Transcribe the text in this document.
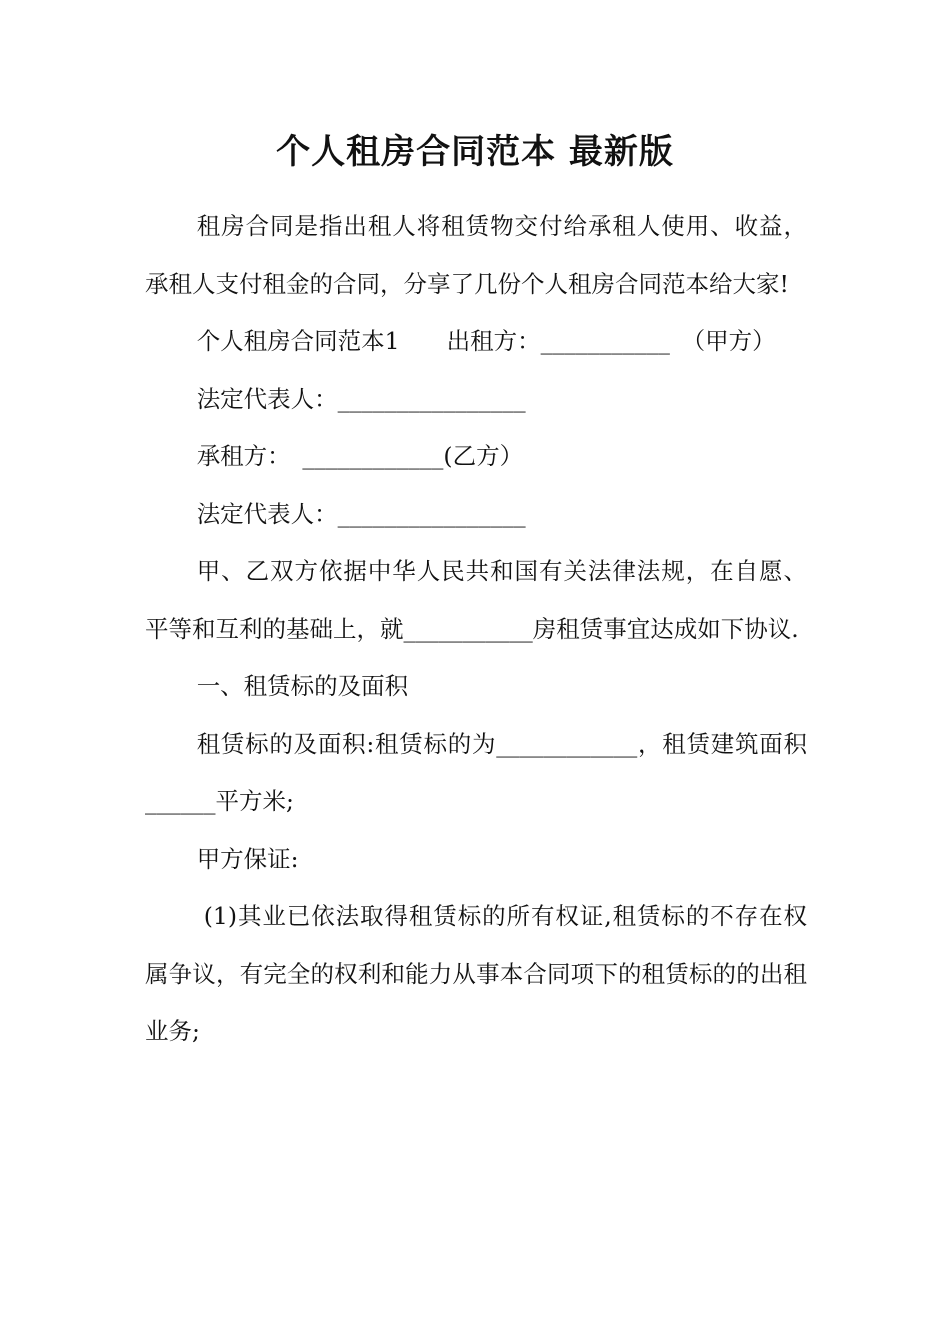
个人租房合同范本 最新版

租房合同是指出租人将租赁物交付给承租人使用、收益，承租人支付租金的合同，分享了几份个人租房合同范本给大家!

个人租房合同范本1　　出租方：___________　（甲方）

法定代表人：________________

承租方：　____________(乙方）

法定代表人：________________

甲、乙双方依据中华人民共和国有关法律法规，在自愿、平等和互利的基础上，就___________房租赁事宜达成如下协议.

一、租赁标的及面积

租赁标的及面积:租赁标的为____________，租赁建筑面积______平方米;

甲方保证:

(1)其业已依法取得租赁标的所有权证,租赁标的不存在权属争议，有完全的权利和能力从事本合同项下的租赁标的的出租业务;
